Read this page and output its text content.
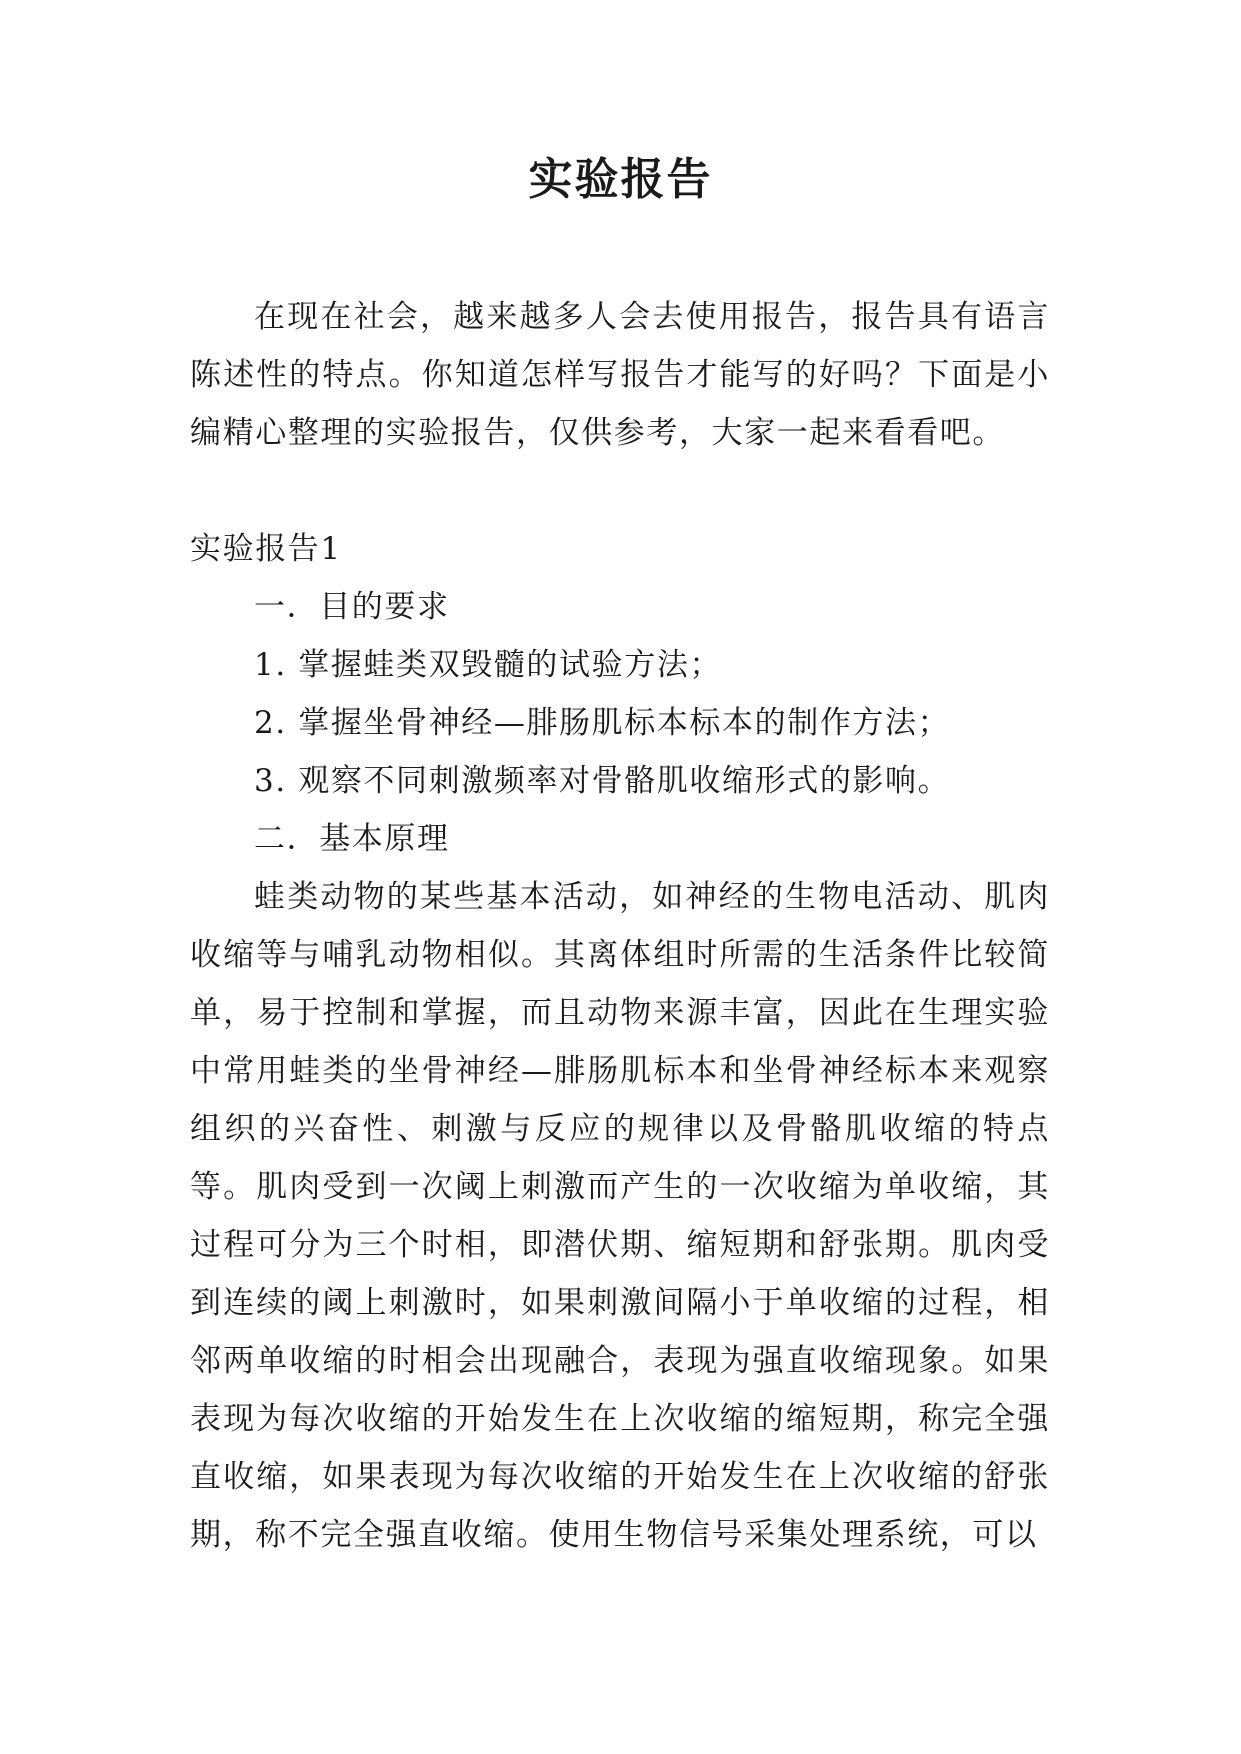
实验报告

在现在社会，越来越多人会去使用报告，报告具有语言陈述性的特点。你知道怎样写报告才能写的好吗？下面是小编精心整理的实验报告，仅供参考，大家一起来看看吧。

实验报告1

一．目的要求

1. 掌握蛙类双毁髓的试验方法；

2. 掌握坐骨神经—腓肠肌标本标本的制作方法；

3. 观察不同刺激频率对骨骼肌收缩形式的影响。

二．基本原理

蛙类动物的某些基本活动，如神经的生物电活动、肌肉收缩等与哺乳动物相似。其离体组时所需的生活条件比较简单，易于控制和掌握，而且动物来源丰富，因此在生理实验中常用蛙类的坐骨神经—腓肠肌标本和坐骨神经标本来观察组织的兴奋性、刺激与反应的规律以及骨骼肌收缩的特点等。肌肉受到一次阈上刺激而产生的一次收缩为单收缩，其过程可分为三个时相，即潜伏期、缩短期和舒张期。肌肉受到连续的阈上刺激时，如果刺激间隔小于单收缩的过程，相邻两单收缩的时相会出现融合，表现为强直收缩现象。如果表现为每次收缩的开始发生在上次收缩的缩短期，称完全强直收缩，如果表现为每次收缩的开始发生在上次收缩的舒张期，称不完全强直收缩。使用生物信号采集处理系统，可以
